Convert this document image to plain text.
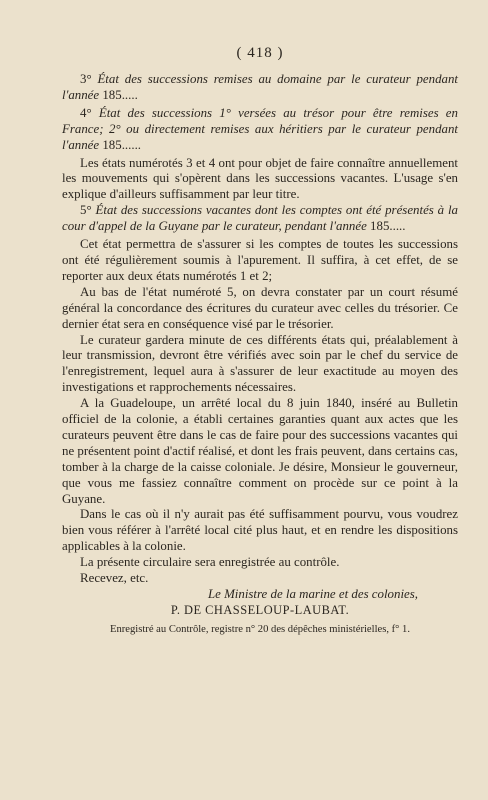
( 418 )

3° État des successions remises au domaine par le curateur pendant l'année 185.....

4° État des successions 1° versées au trésor pour être remises en France; 2° ou directement remises aux héritiers par le curateur pendant l'année 185......

Les états numérotés 3 et 4 ont pour objet de faire connaître annuellement les mouvements qui s'opèrent dans les successions vacantes. L'usage s'en explique d'ailleurs suffisamment par leur titre.

5° État des successions vacantes dont les comptes ont été présentés à la cour d'appel de la Guyane par le curateur, pendant l'année 185.....

Cet état permettra de s'assurer si les comptes de toutes les successions ont été régulièrement soumis à l'apurement. Il suffira, à cet effet, de se reporter aux deux états numérotés 1 et 2;

Au bas de l'état numéroté 5, on devra constater par un court résumé général la concordance des écritures du curateur avec celles du trésorier. Ce dernier état sera en conséquence visé par le trésorier.

Le curateur gardera minute de ces différents états qui, préalablement à leur transmission, devront être vérifiés avec soin par le chef du service de l'enregistrement, lequel aura à s'assurer de leur exactitude au moyen des investigations et rapprochements nécessaires.

A la Guadeloupe, un arrêté local du 8 juin 1840, inséré au Bulletin officiel de la colonie, a établi certaines garanties quant aux actes que les curateurs peuvent être dans le cas de faire pour des successions vacantes qui ne présentent point d'actif réalisé, et dont les frais peuvent, dans certains cas, tomber à la charge de la caisse coloniale. Je désire, Monsieur le gouverneur, que vous me fassiez connaître comment on procède sur ce point à la Guyane.

Dans le cas où il n'y aurait pas été suffisamment pourvu, vous voudrez bien vous référer à l'arrêté local cité plus haut, et en rendre les dispositions applicables à la colonie.

La présente circulaire sera enregistrée au contrôle.

Recevez, etc.

Le Ministre de la marine et des colonies,

P. DE CHASSELOUP-LAUBAT.

Enregistré au Contrôle, registre n° 20 des dépêches ministérielles, f° 1.
